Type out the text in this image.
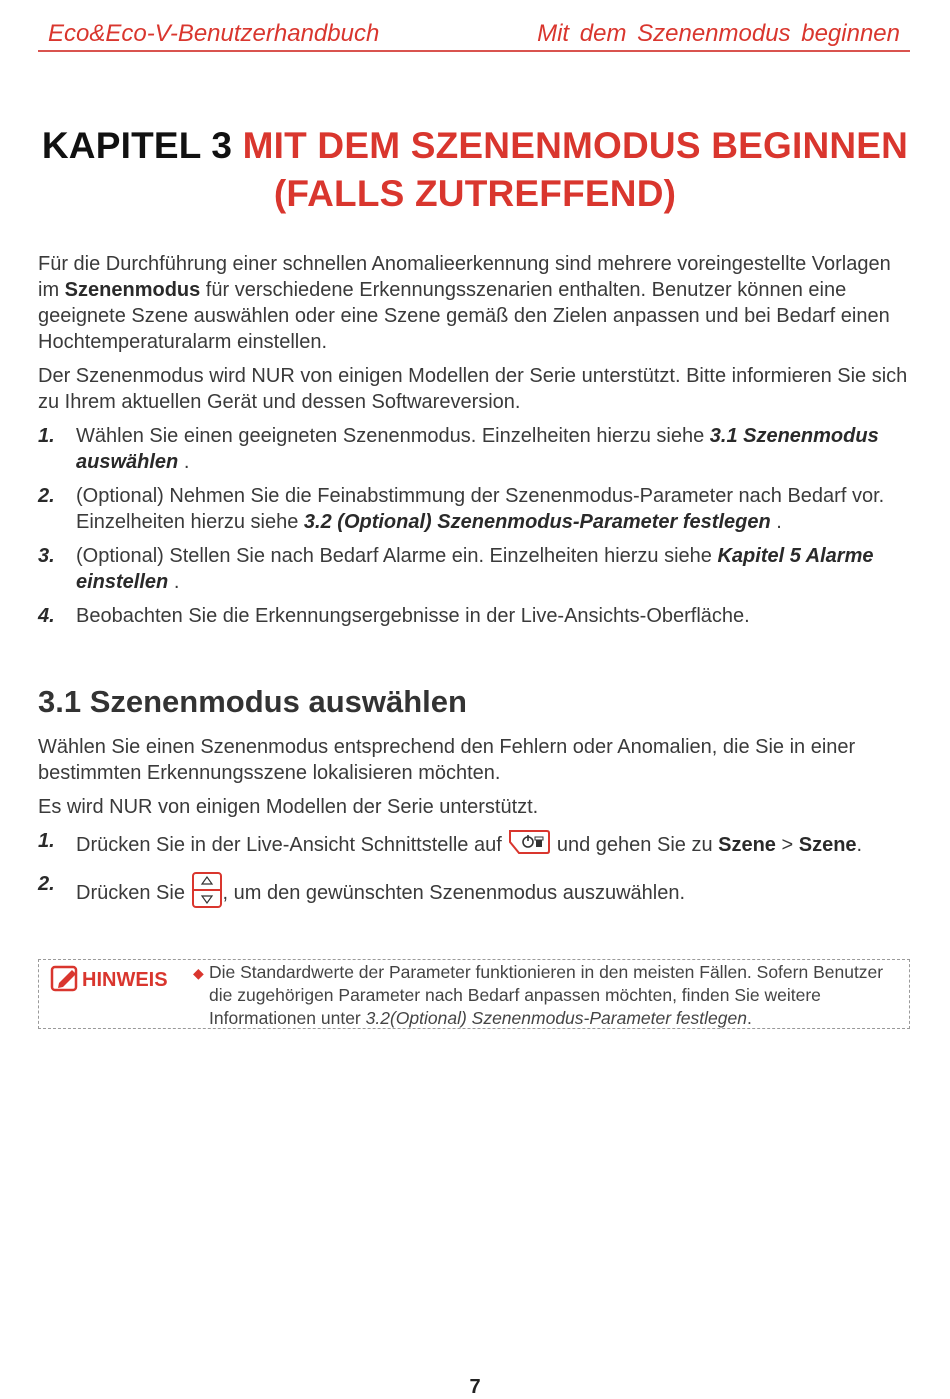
Eco&Eco-V-Benutzerhandbuch	Mit dem Szenenmodus beginnen
KAPITEL 3 MIT DEM SZENENMODUS BEGINNEN
(FALLS ZUTREFFEND)

Für die Durchführung einer schnellen Anomalieerkennung sind mehrere voreingestellte Vorlagen im Szenenmodus für verschiedene Erkennungsszenarien enthalten. Benutzer können eine geeignete Szene auswählen oder eine Szene gemäß den Zielen anpassen und bei Bedarf einen Hochtemperaturalarm einstellen.

Der Szenenmodus wird NUR von einigen Modellen der Serie unterstützt. Bitte informieren Sie sich zu Ihrem aktuellen Gerät und dessen Softwareversion.

1. Wählen Sie einen geeigneten Szenenmodus. Einzelheiten hierzu siehe 3.1 Szenenmodus auswählen .
2. (Optional) Nehmen Sie die Feinabstimmung der Szenenmodus-Parameter nach Bedarf vor. Einzelheiten hierzu siehe 3.2 (Optional) Szenenmodus-Parameter festlegen .
3. (Optional) Stellen Sie nach Bedarf Alarme ein. Einzelheiten hierzu siehe Kapitel 5 Alarme einstellen .
4. Beobachten Sie die Erkennungsergebnisse in der Live-Ansichts-Oberfläche.
3.1 Szenenmodus auswählen

Wählen Sie einen Szenenmodus entsprechend den Fehlern oder Anomalien, die Sie in einer bestimmten Erkennungsszene lokalisieren möchten.

Es wird NUR von einigen Modellen der Serie unterstützt.

1. Drücken Sie in der Live-Ansicht Schnittstelle auf  und gehen Sie zu Szene > Szene.
2. Drücken Sie , um den gewünschten Szenenmodus auszuwählen.
HINWEIS ◆ Die Standardwerte der Parameter funktionieren in den meisten Fällen. Sofern Benutzer die zugehörigen Parameter nach Bedarf anpassen möchten, finden Sie weitere Informationen unter 3.2(Optional) Szenenmodus-Parameter festlegen.
7
